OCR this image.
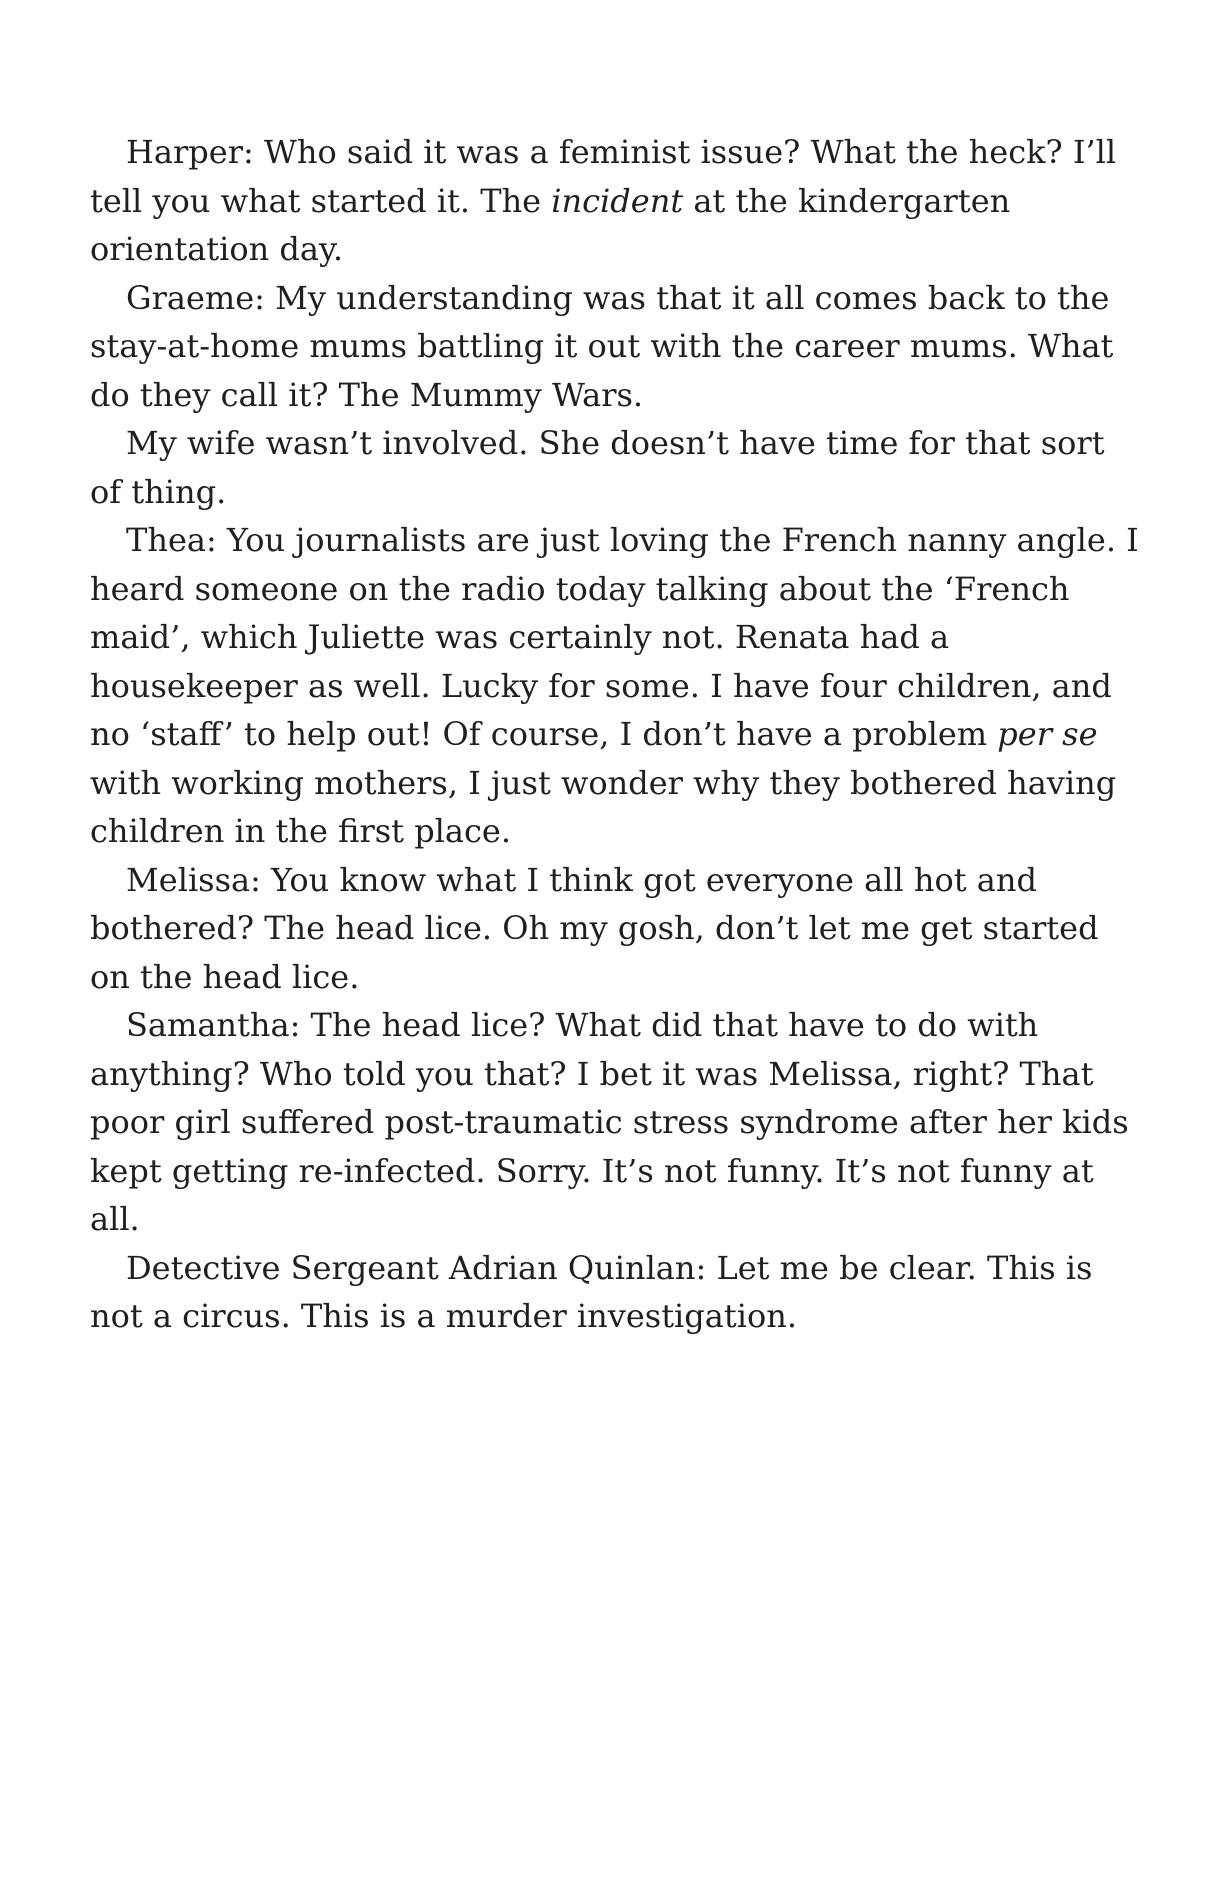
Harper: Who said it was a feminist issue? What the heck? I’ll tell you what started it. The incident at the kindergarten orientation day.

Graeme: My understanding was that it all comes back to the stay-at-home mums battling it out with the career mums. What do they call it? The Mummy Wars.

My wife wasn’t involved. She doesn’t have time for that sort of thing.

Thea: You journalists are just loving the French nanny angle. I heard someone on the radio today talking about the ‘French maid’, which Juliette was certainly not. Renata had a housekeeper as well. Lucky for some. I have four children, and no ‘staff’ to help out! Of course, I don’t have a problem per se with working mothers, I just wonder why they bothered having children in the first place.

Melissa: You know what I think got everyone all hot and bothered? The head lice. Oh my gosh, don’t let me get started on the head lice.

Samantha: The head lice? What did that have to do with anything? Who told you that? I bet it was Melissa, right? That poor girl suffered post-traumatic stress syndrome after her kids kept getting re-infected. Sorry. It’s not funny. It’s not funny at all.

Detective Sergeant Adrian Quinlan: Let me be clear. This is not a circus. This is a murder investigation.
